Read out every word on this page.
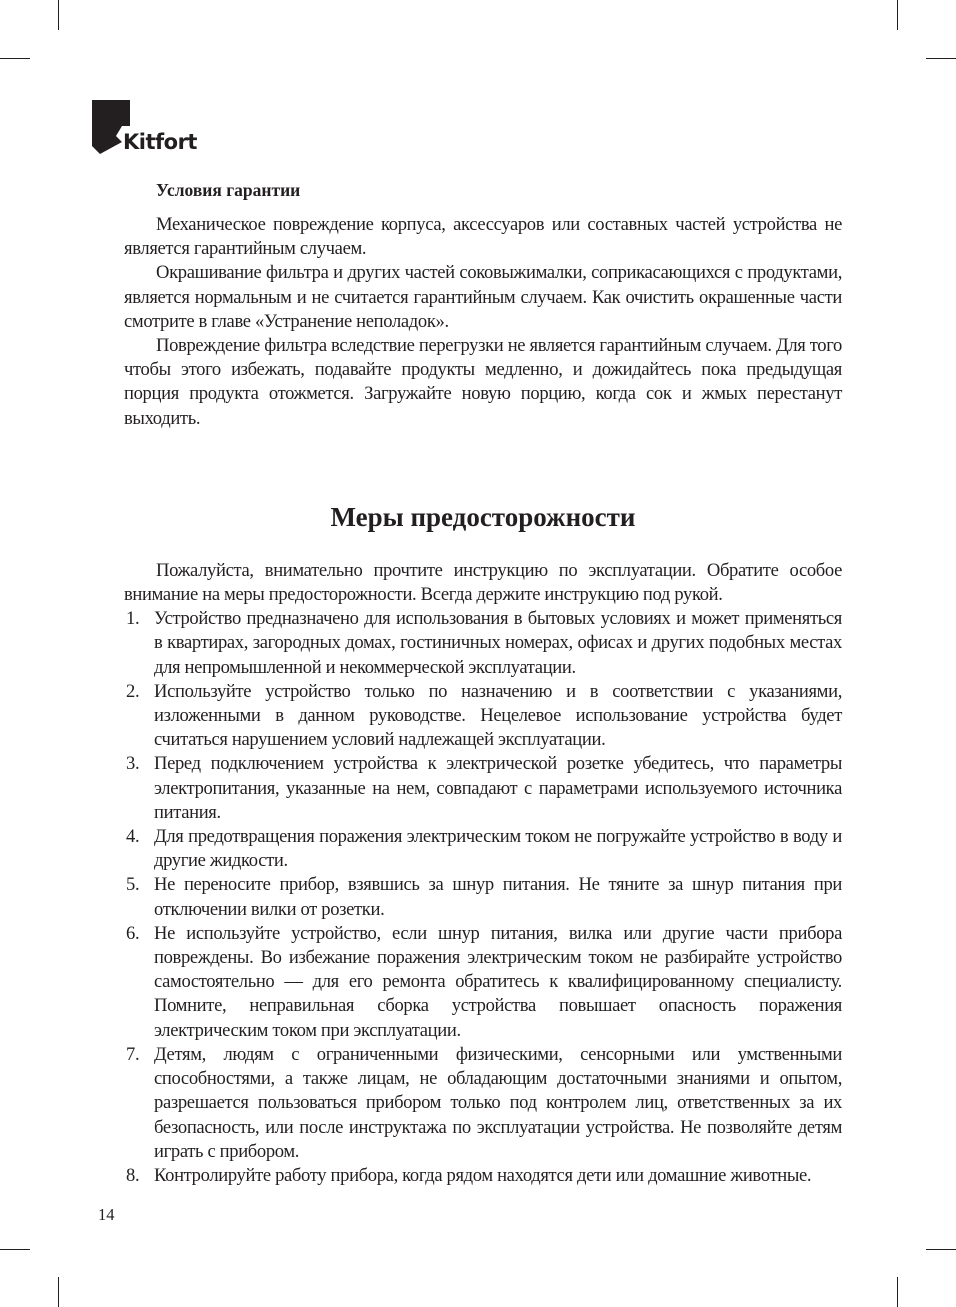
Kitfort
Условия гарантии

Механическое повреждение корпуса, аксессуаров или составных частей устройства не является гарантийным случаем.

Окрашивание фильтра и других частей соковыжималки, соприкасающихся с продуктами, является нормальным и не считается гарантийным случаем. Как очистить окрашенные части смотрите в главе «Устранение неполадок».

Повреждение фильтра вследствие перегрузки не является гарантийным случаем. Для того чтобы этого избежать, подавайте продукты медленно, и дожидайтесь пока предыдущая порция продукта отожмется. Загружайте новую порцию, когда сок и жмых перестанут выходить.

Меры предосторожности

Пожалуйста, внимательно прочтите инструкцию по эксплуатации. Обратите особое внимание на меры предосторожности. Всегда держите инструкцию под рукой.

1. Устройство предназначено для использования в бытовых условиях и может применяться в квартирах, загородных домах, гостиничных номерах, офисах и других подобных местах для непромышленной и некоммерческой эксплуатации.
2. Используйте устройство только по назначению и в соответствии с указаниями, изложенными в данном руководстве. Нецелевое использование устройства будет считаться нарушением условий надлежащей эксплуатации.
3. Перед подключением устройства к электрической розетке убедитесь, что параметры электропитания, указанные на нем, совпадают с параметрами используемого источника питания.
4. Для предотвращения поражения электрическим током не погружайте устройство в воду и другие жидкости.
5. Не переносите прибор, взявшись за шнур питания. Не тяните за шнур питания при отключении вилки от розетки.
6. Не используйте устройство, если шнур питания, вилка или другие части прибора повреждены. Во избежание поражения электрическим током не разбирайте устройство самостоятельно — для его ремонта обратитесь к квалифицированному специалисту. Помните, неправильная сборка устройства повышает опасность поражения электрическим током при эксплуатации.
7. Детям, людям с ограниченными физическими, сенсорными или умственными способностями, а также лицам, не обладающим достаточными знаниями и опытом, разрешается пользоваться прибором только под контролем лиц, ответственных за их безопасность, или после инструктажа по эксплуатации устройства. Не позволяйте детям играть с прибором.
8. Контролируйте работу прибора, когда рядом находятся дети или домашние животные.
14
